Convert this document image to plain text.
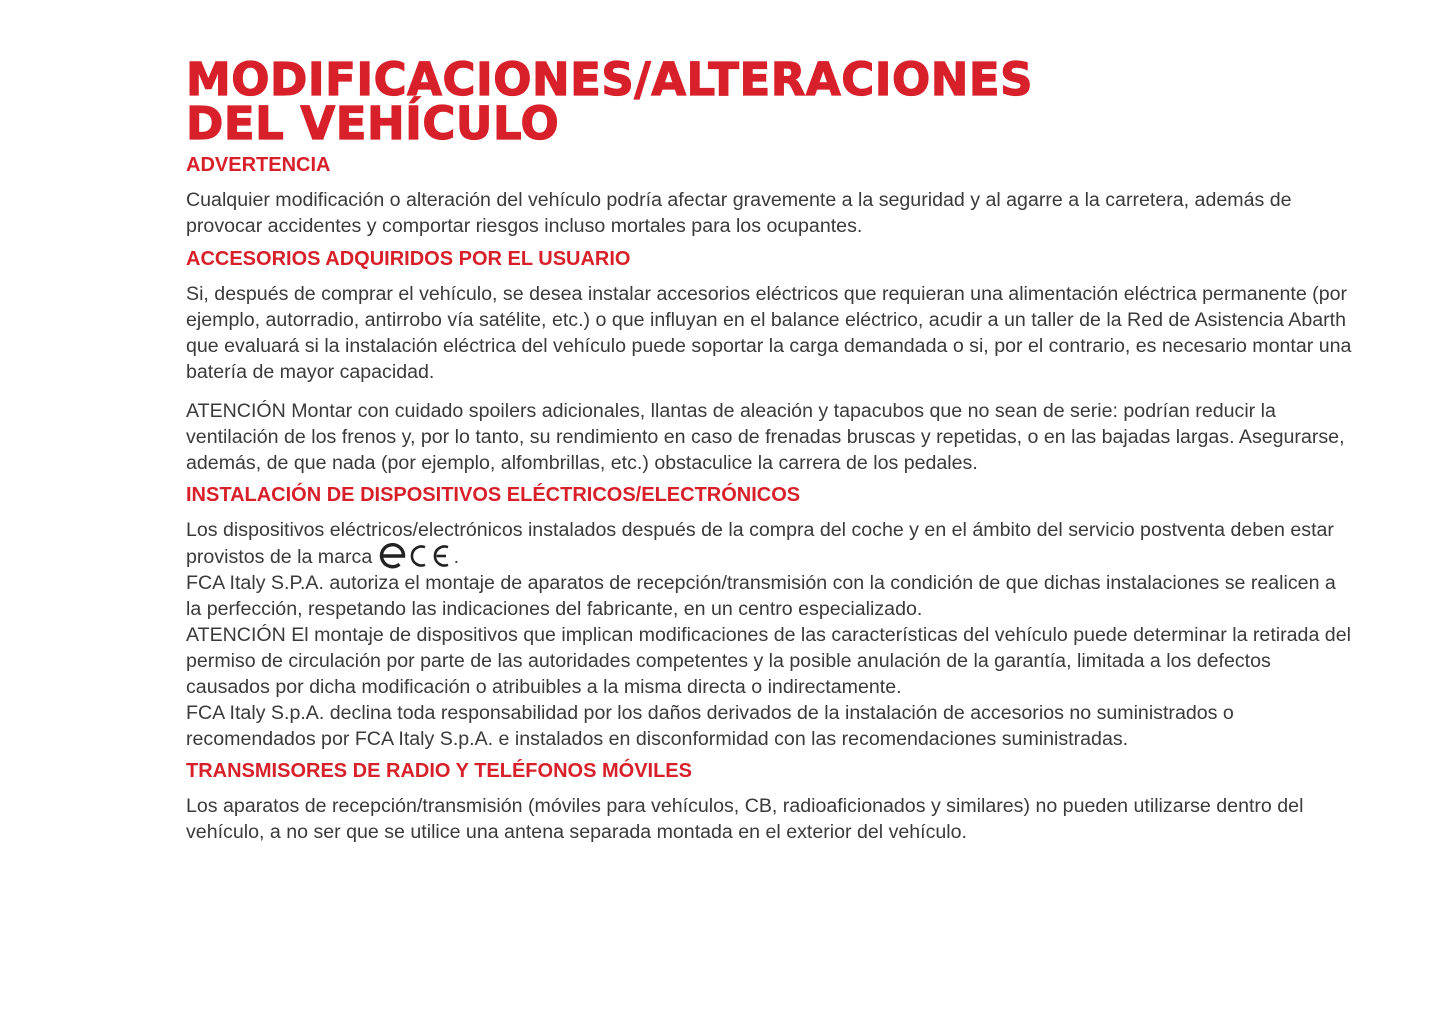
MODIFICACIONES/ALTERACIONES
DEL VEHÍCULO
ADVERTENCIA

Cualquier modificación o alteración del vehículo podría afectar gravemente a la seguridad y al agarre a la carretera, además de provocar accidentes y comportar riesgos incluso mortales para los ocupantes.

ACCESORIOS ADQUIRIDOS POR EL USUARIO

Si, después de comprar el vehículo, se desea instalar accesorios eléctricos que requieran una alimentación eléctrica permanente (por ejemplo, autorradio, antirrobo vía satélite, etc.) o que influyan en el balance eléctrico, acudir a un taller de la Red de Asistencia Abarth que evaluará si la instalación eléctrica del vehículo puede soportar la carga demandada o si, por el contrario, es necesario montar una batería de mayor capacidad.

ATENCIÓN Montar con cuidado spoilers adicionales, llantas de aleación y tapacubos que no sean de serie: podrían reducir la ventilación de los frenos y, por lo tanto, su rendimiento en caso de frenadas bruscas y repetidas, o en las bajadas largas. Asegurarse, además, de que nada (por ejemplo, alfombrillas, etc.) obstaculice la carrera de los pedales.

INSTALACIÓN DE DISPOSITIVOS ELÉCTRICOS/ELECTRÓNICOS

Los dispositivos eléctricos/electrónicos instalados después de la compra del coche y en el ámbito del servicio postventa deben estar provistos de la marca	.

FCA Italy S.P.A. autoriza el montaje de aparatos de recepción/transmisión con la condición de que dichas instalaciones se realicen a la perfección, respetando las indicaciones del fabricante, en un centro especializado.

ATENCIÓN El montaje de dispositivos que implican modificaciones de las características del vehículo puede determinar la retirada del permiso de circulación por parte de las autoridades competentes y la posible anulación de la garantía, limitada a los defectos causados por dicha modificación o atribuibles a la misma directa o indirectamente.

FCA Italy S.p.A. declina toda responsabilidad por los daños derivados de la instalación de accesorios no suministrados o recomendados por FCA Italy S.p.A. e instalados en disconformidad con las recomendaciones suministradas.

TRANSMISORES DE RADIO Y TELÉFONOS MÓVILES

Los aparatos de recepción/transmisión (móviles para vehículos, CB, radioaficionados y similares) no pueden utilizarse dentro del vehículo, a no ser que se utilice una antena separada montada en el exterior del vehículo.
